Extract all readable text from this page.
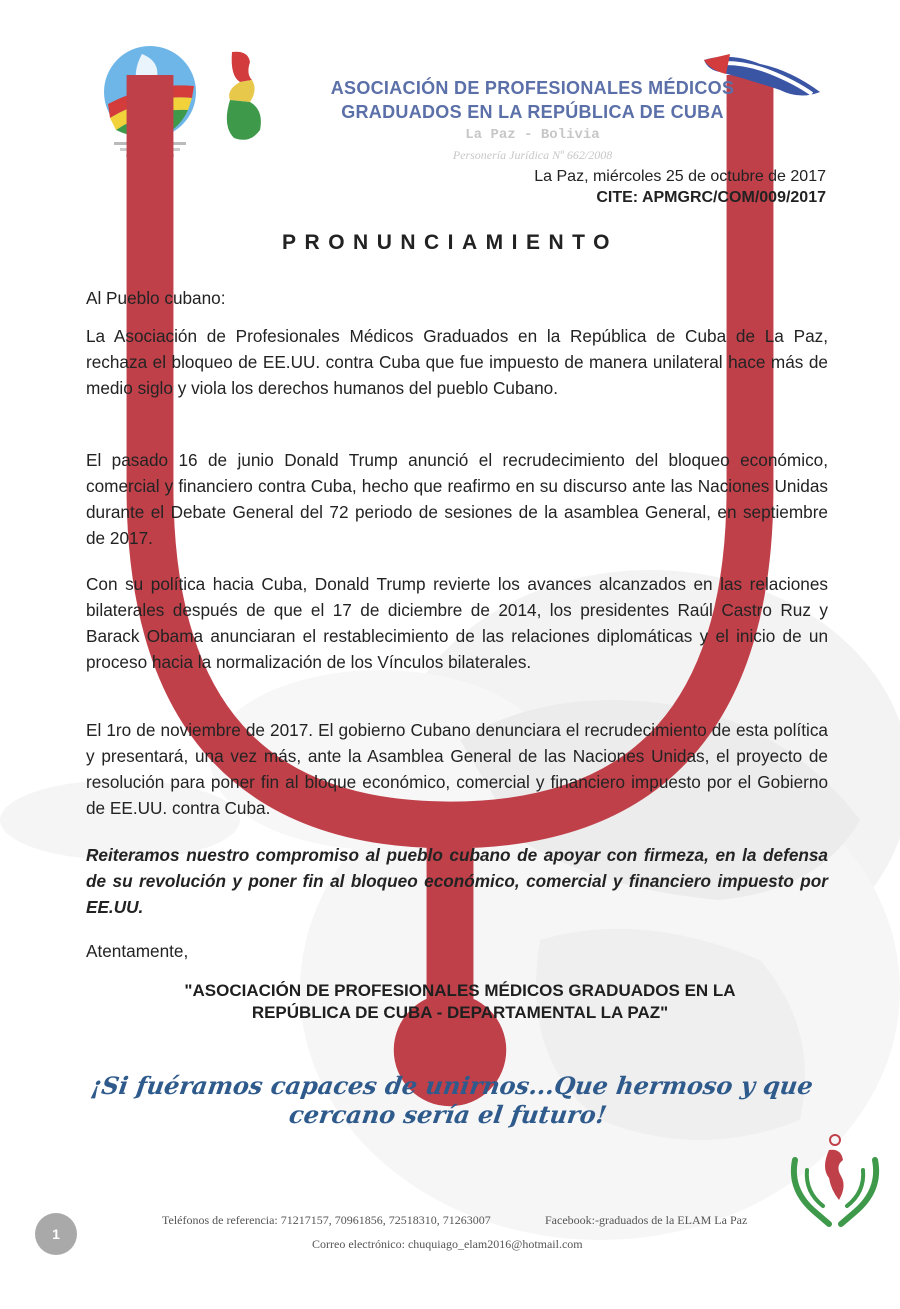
ASOCIACIÓN DE PROFESIONALES MÉDICOS
GRADUADOS EN LA REPÚBLICA DE CUBA
La Paz - Bolivia
Personería Jurídica Nº 662/2008
La Paz, miércoles 25 de octubre de 2017
CITE: APMGRC/COM/009/2017
PRONUNCIAMIENTO
Al Pueblo cubano:
La Asociación de Profesionales Médicos Graduados en la República de Cuba de La Paz, rechaza el bloqueo de EE.UU. contra Cuba que fue impuesto de manera unilateral hace más de medio siglo y viola los derechos humanos del pueblo Cubano.
El pasado 16 de junio Donald Trump anunció el recrudecimiento del bloqueo económico, comercial y financiero contra Cuba, hecho que reafirmo en su discurso ante las Naciones Unidas durante el Debate General del 72 periodo de sesiones de la asamblea General, en septiembre de 2017.
Con su política hacia Cuba, Donald Trump revierte los avances alcanzados en las relaciones bilaterales después de que el 17 de diciembre de 2014, los presidentes Raúl Castro Ruz y Barack Obama anunciaran el restablecimiento de las relaciones diplomáticas y el inicio de un proceso hacia la normalización de los Vínculos bilaterales.
El 1ro de noviembre de 2017. El gobierno Cubano denunciara el recrudecimiento de esta política y presentará, una vez más, ante la Asamblea General de las Naciones Unidas, el proyecto de resolución para poner fin al bloque económico, comercial y financiero impuesto por el Gobierno de EE.UU. contra Cuba.
Reiteramos nuestro compromiso al pueblo cubano de apoyar con firmeza, en la defensa de su revolución y poner fin al bloqueo económico, comercial y financiero impuesto por EE.UU.
Atentamente,
"ASOCIACIÓN DE PROFESIONALES MÉDICOS GRADUADOS EN LA
REPÚBLICA DE CUBA - DEPARTAMENTAL LA PAZ"
¡Si fuéramos capaces de unirnos...Que hermoso y que cercano sería el futuro!
Teléfonos de referencia: 71217157, 70961856, 72518310, 71263007	Facebook:-graduados de la ELAM La Paz
Correo electrónico: chuquiago_elam2016@hotmail.com
1
